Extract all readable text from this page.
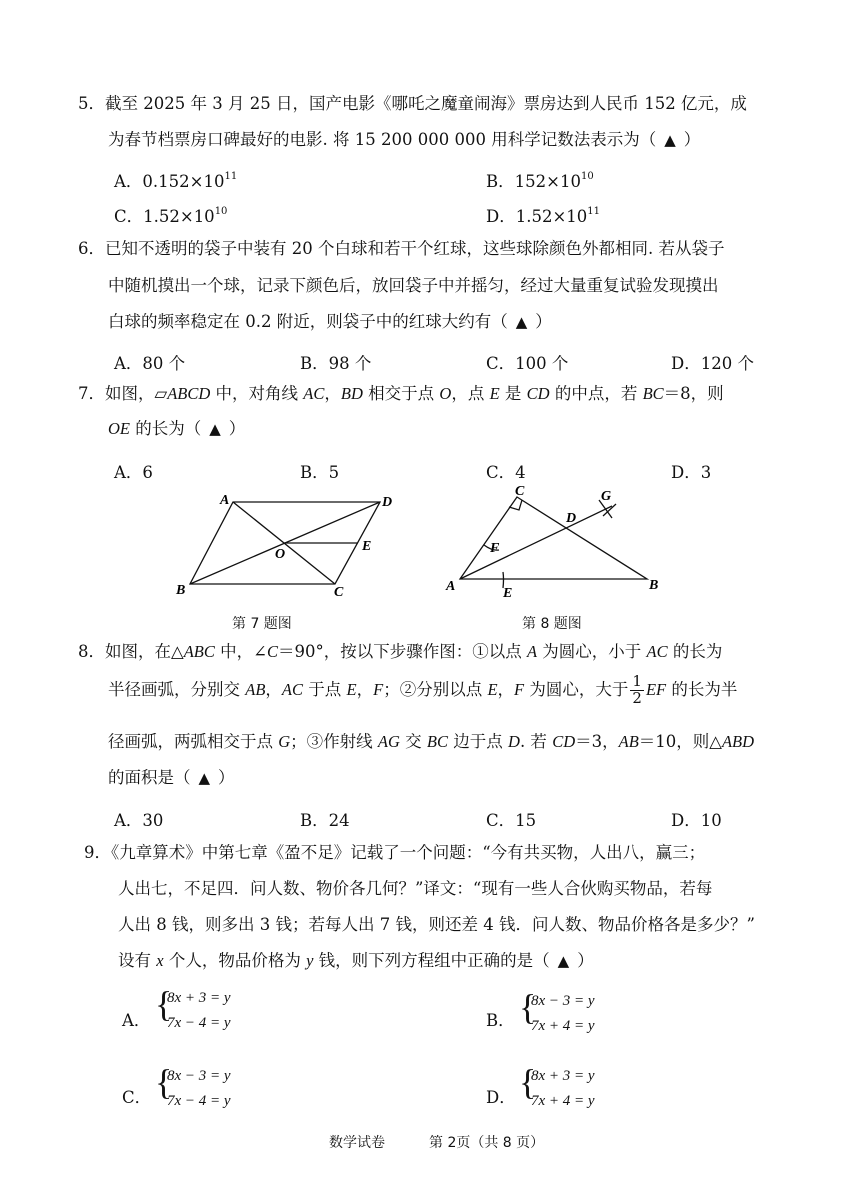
5．截至 2025 年 3 月 25 日，国产电影《哪吒之魔童闹海》票房达到人民币 152 亿元，成
为春节档票房口碑最好的电影. 将 15 200 000 000 用科学记数法表示为（ ▲ ）
A．$0.152\times 10^{11}$	B．$152\times 10^{10}$
C．$1.52\times 10^{10}$	D．$1.52\times 10^{11}$
6．已知不透明的袋子中装有 20 个白球和若干个红球，这些球除颜色外都相同. 若从袋子
中随机摸出一个球，记录下颜色后，放回袋子中并摇匀，经过大量重复试验发现摸出
白球的频率稳定在 0.2 附近，则袋子中的红球大约有（ ▲ ）
A．80 个	B．98 个	C．100 个	D．120 个
7．如图，▱ABCD 中，对角线 AC，BD 相交于点 O，点 E 是 CD 的中点，若 BC＝8，则
OE 的长为（ ▲ ）
A．6	B．5	C．4	D．3
A	D
B	C
O
E
第 7 题图
C	G
D
F
A	E
B
第 8 题图
8．如图，在△ABC 中，∠C＝90°，按以下步骤作图：①以点 A 为圆心，小于 AC 的长为
半径画弧，分别交 AB，AC 于点 E，F；②分别以点 E，F 为圆心，大于 $\frac{1}{2}$ EF 的长为半
径画弧，两弧相交于点 G；③作射线 AG 交 BC 边于点 D. 若 CD＝3，AB＝10，则△ABD
的面积是（ ▲ ）
A．30	B．24	C．15	D．10
9．《九章算术》中第七章《盈不足》记载了一个问题：“今有共买物，人出八，赢三；
人出七，不足四．问人数、物价各几何？”译文：“现有一些人合伙购买物品，若每
人出 8 钱，则多出 3 钱；若每人出 7 钱，则还差 4 钱．问人数、物品价格各是多少？”
设有 x 个人，物品价格为 y 钱，则下列方程组中正确的是（ ▲ ）
A． {
8x + 3 = y
7x − 4 = y	B． {
8x − 3 = y
7x + 4 = y
C． {
8x − 3 = y
7x − 4 = y	D． {
8x + 3 = y
7x + 4 = y
数学试卷	第 2页（共 8 页）
